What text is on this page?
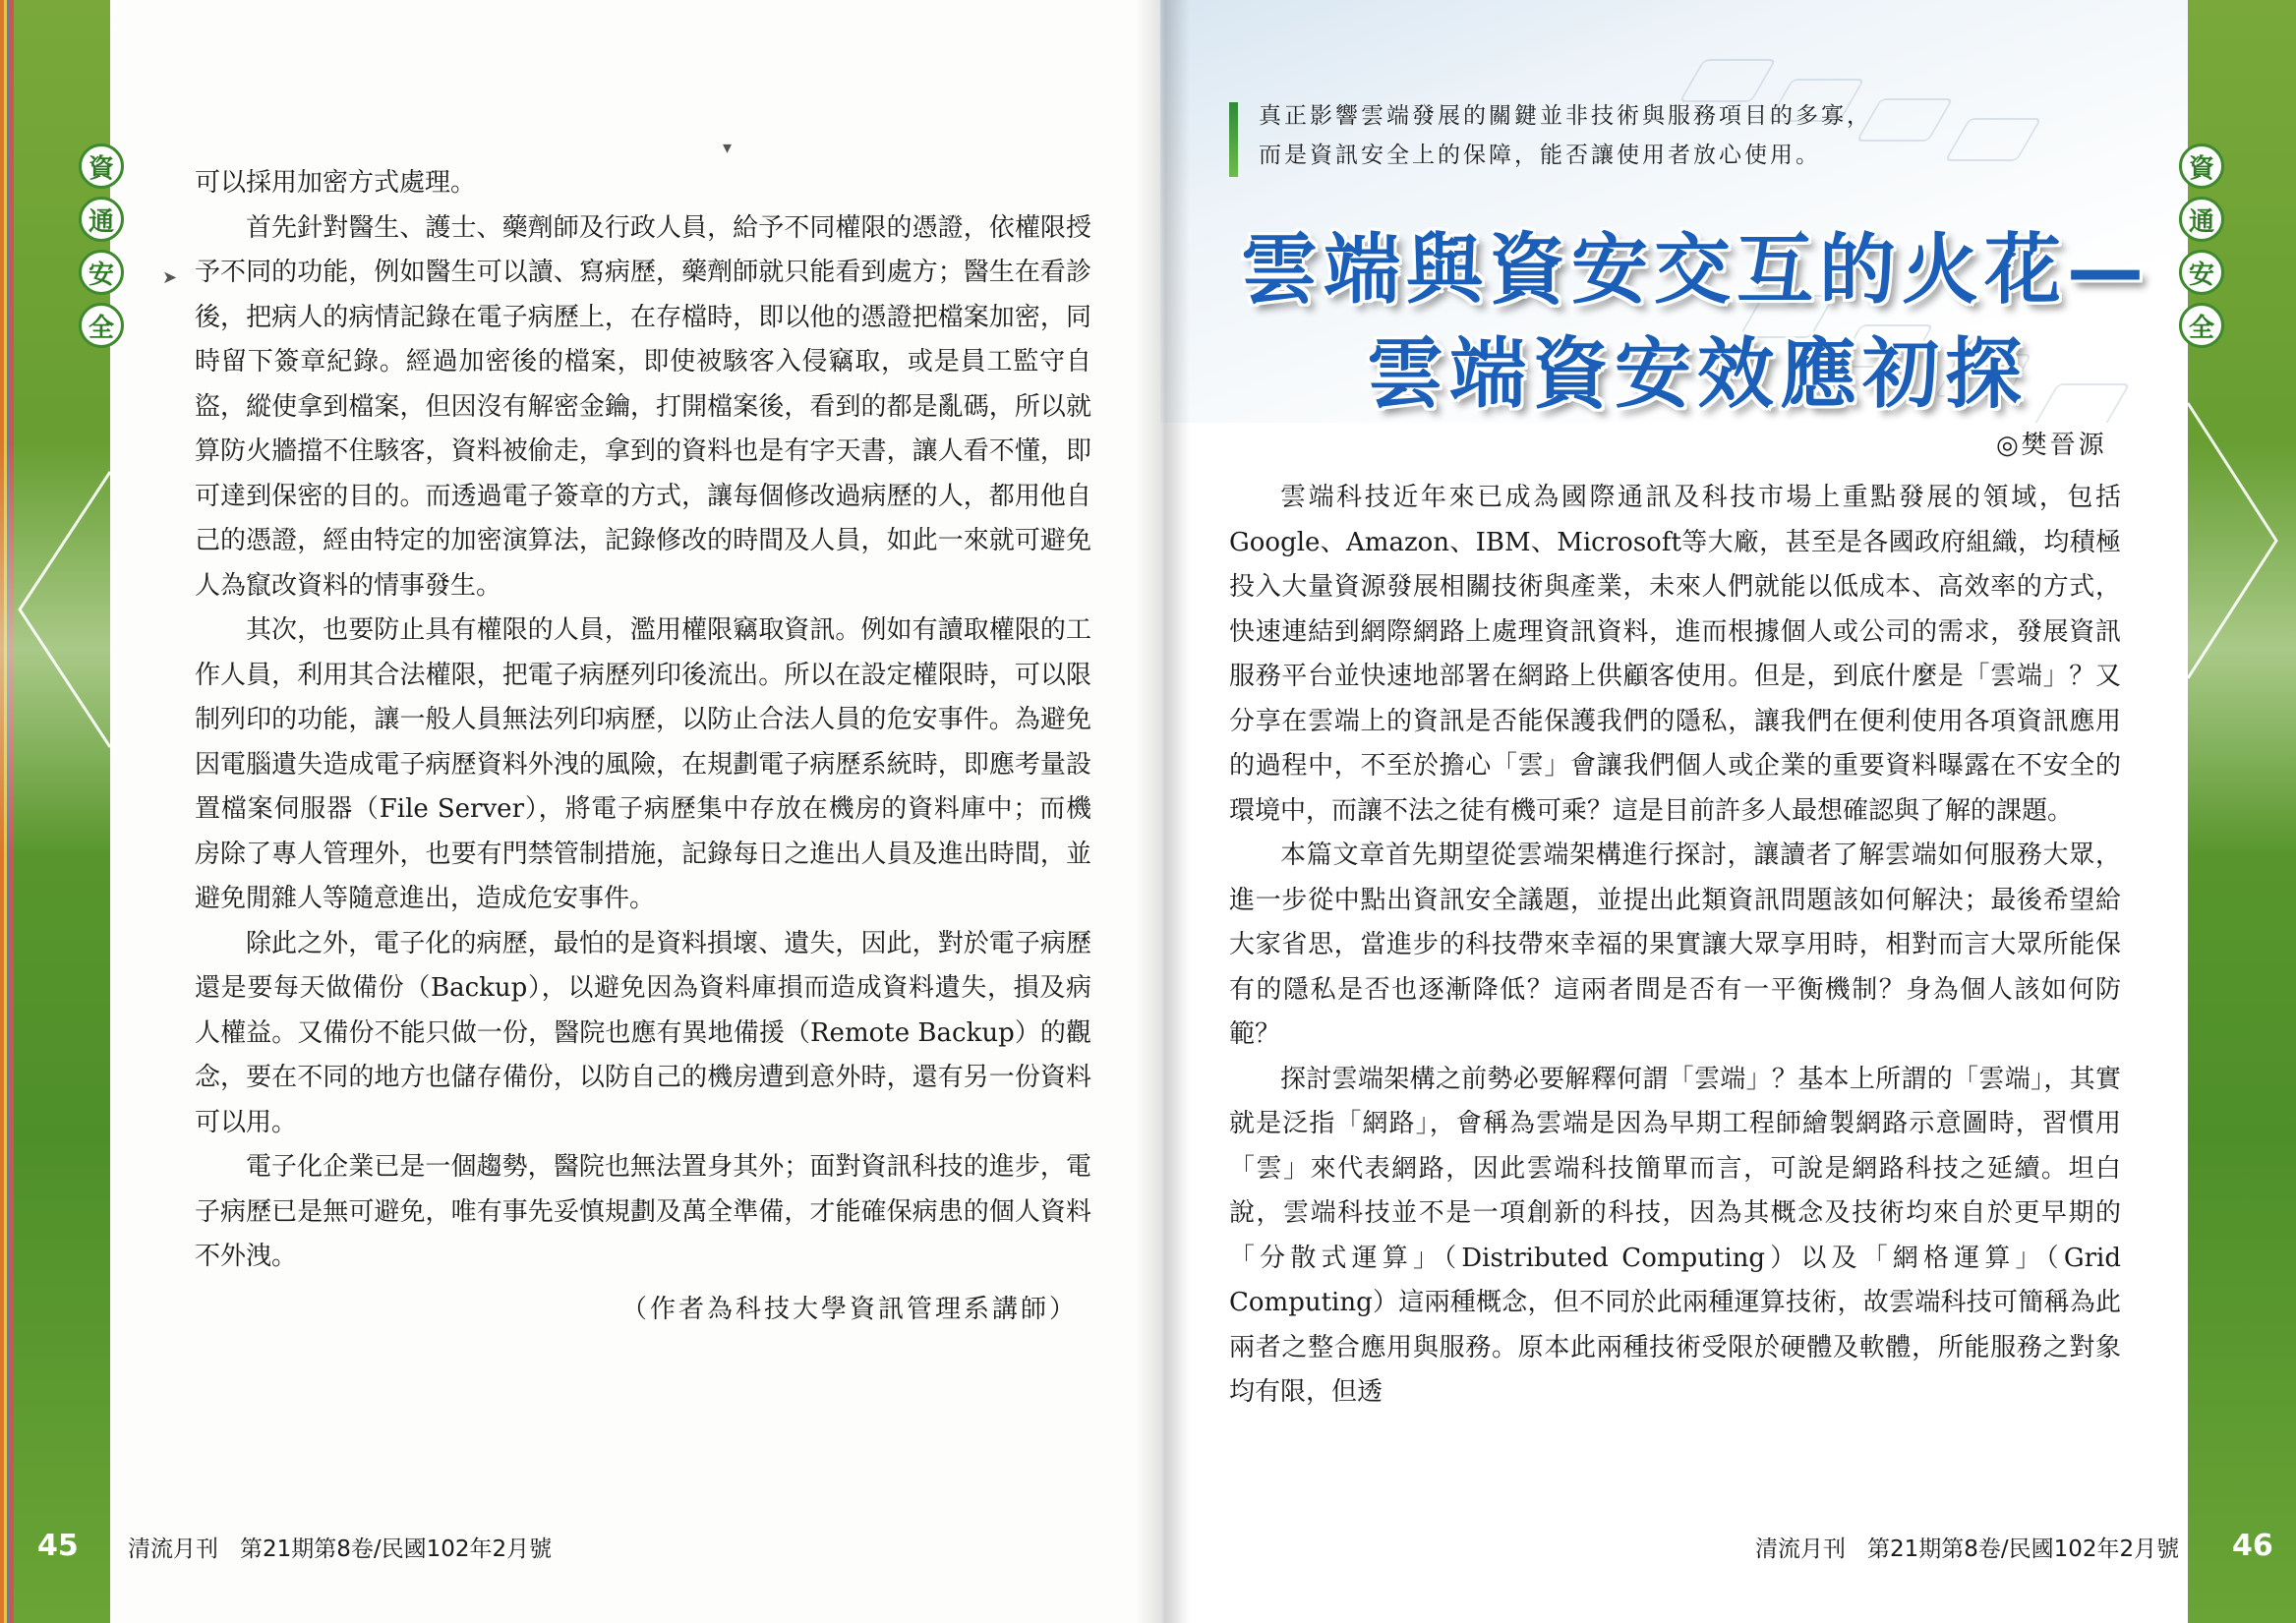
資
通
安
全

可以採用加密方式處理。

首先針對醫生、護士、藥劑師及行政人員，給予不同權限的憑證，依權限授予不同的功能，例如醫生可以讀、寫病歷，藥劑師就只能看到處方；醫生在看診後，把病人的病情記錄在電子病歷上，在存檔時，即以他的憑證把檔案加密，同時留下簽章紀錄。經過加密後的檔案，即使被駭客入侵竊取，或是員工監守自盜，縱使拿到檔案，但因沒有解密金鑰，打開檔案後，看到的都是亂碼，所以就算防火牆擋不住駭客，資料被偷走，拿到的資料也是有字天書，讓人看不懂，即可達到保密的目的。而透過電子簽章的方式，讓每個修改過病歷的人，都用他自己的憑證，經由特定的加密演算法，記錄修改的時間及人員，如此一來就可避免人為竄改資料的情事發生。

其次，也要防止具有權限的人員，濫用權限竊取資訊。例如有讀取權限的工作人員，利用其合法權限，把電子病歷列印後流出。所以在設定權限時，可以限制列印的功能，讓一般人員無法列印病歷，以防止合法人員的危安事件。為避免因電腦遺失造成電子病歷資料外洩的風險，在規劃電子病歷系統時，即應考量設置檔案伺服器（File Server），將電子病歷集中存放在機房的資料庫中；而機房除了專人管理外，也要有門禁管制措施，記錄每日之進出人員及進出時間，並避免閒雜人等隨意進出，造成危安事件。

除此之外，電子化的病歷，最怕的是資料損壞、遺失，因此，對於電子病歷還是要每天做備份（Backup），以避免因為資料庫損而造成資料遺失，損及病人權益。又備份不能只做一份，醫院也應有異地備援（Remote Backup）的觀念，要在不同的地方也儲存備份，以防自己的機房遭到意外時，還有另一份資料可以用。

電子化企業已是一個趨勢，醫院也無法置身其外；面對資訊科技的進步，電子病歷已是無可避免，唯有事先妥慎規劃及萬全準備，才能確保病患的個人資料不外洩。

（作者為科技大學資訊管理系講師）
45 清流月刊 第21期第8卷/民國102年2月號
▾
➤
真正影響雲端發展的關鍵並非技術與服務項目的多寡，
而是資訊安全上的保障，能否讓使用者放心使用。
雲端與資安交互的火花—
雲端資安效應初探
◎樊晉源
資
通
安
全

雲端科技近年來已成為國際通訊及科技市場上重點發展的領域，包括Google、Amazon、IBM、Microsoft等大廠，甚至是各國政府組織，均積極投入大量資源發展相關技術與產業，未來人們就能以低成本、高效率的方式，快速連結到網際網路上處理資訊資料，進而根據個人或公司的需求，發展資訊服務平台並快速地部署在網路上供顧客使用。但是，到底什麼是「雲端」？又分享在雲端上的資訊是否能保護我們的隱私，讓我們在便利使用各項資訊應用的過程中，不至於擔心「雲」會讓我們個人或企業的重要資料曝露在不安全的環境中，而讓不法之徒有機可乘？這是目前許多人最想確認與了解的課題。

本篇文章首先期望從雲端架構進行探討，讓讀者了解雲端如何服務大眾，進一步從中點出資訊安全議題，並提出此類資訊問題該如何解決；最後希望給大家省思，當進步的科技帶來幸福的果實讓大眾享用時，相對而言大眾所能保有的隱私是否也逐漸降低？這兩者間是否有一平衡機制？身為個人該如何防範？

探討雲端架構之前勢必要解釋何謂「雲端」？基本上所謂的「雲端」，其實就是泛指「網路」，會稱為雲端是因為早期工程師繪製網路示意圖時，習慣用「雲」來代表網路，因此雲端科技簡單而言，可說是網路科技之延續。坦白說，雲端科技並不是一項創新的科技，因為其概念及技術均來自於更早期的「分散式運算」（Distributed Computing）以及「網格運算」（Grid Computing）這兩種概念，但不同於此兩種運算技術，故雲端科技可簡稱為此兩者之整合應用與服務。原本此兩種技術受限於硬體及軟體，所能服務之對象均有限，但透

清流月刊 第21期第8卷/民國102年2月號 46
